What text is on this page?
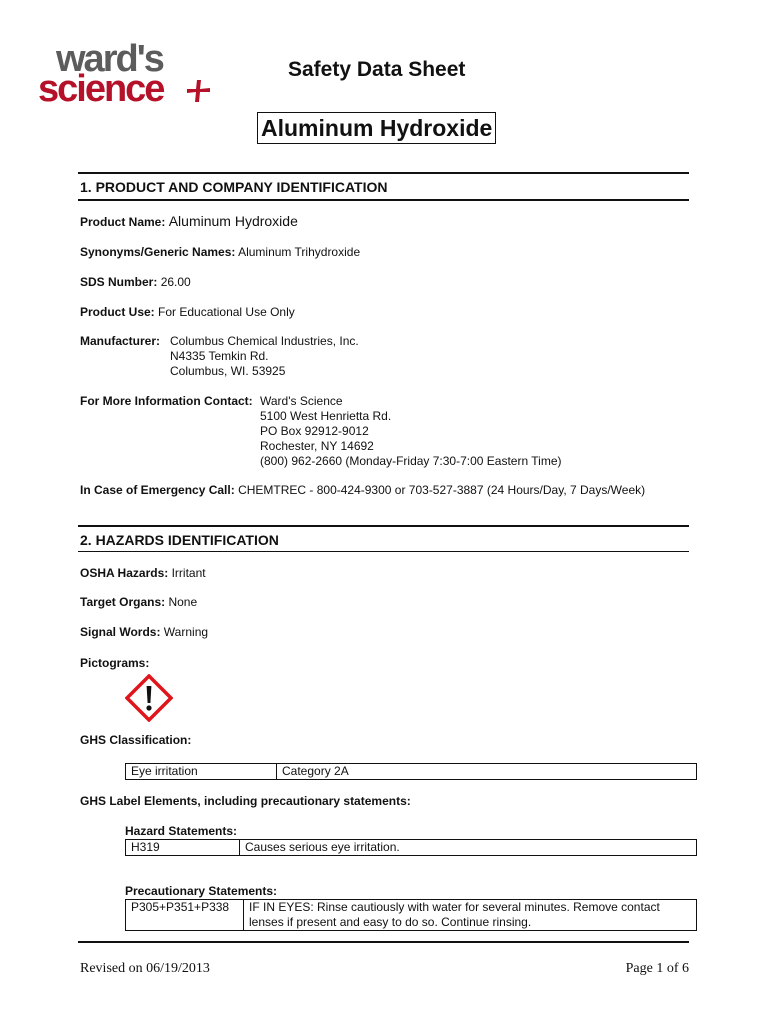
ward's
science	Safety Data Sheet
Aluminum Hydroxide
1. PRODUCT AND COMPANY IDENTIFICATION
Product Name: Aluminum Hydroxide
Synonyms/Generic Names: Aluminum Trihydroxide
SDS Number: 26.00
Product Use: For Educational Use Only
Manufacturer: Columbus Chemical Industries, Inc.
N4335 Temkin Rd.
Columbus, WI. 53925
For More Information Contact: Ward's Science
5100 West Henrietta Rd.
PO Box 92912-9012
Rochester, NY 14692
(800) 962-2660 (Monday-Friday 7:30-7:00 Eastern Time)
In Case of Emergency Call: CHEMTREC - 800-424-9300 or 703-527-3887 (24 Hours/Day, 7 Days/Week)
2. HAZARDS IDENTIFICATION
OSHA Hazards: Irritant
Target Organs: None
Signal Words: Warning
Pictograms:
GHS Classification:
Eye irritation	Category 2A
GHS Label Elements, including precautionary statements:
Hazard Statements:
H319	Causes serious eye irritation.
Precautionary Statements:
P305+P351+P338	IF IN EYES: Rinse cautiously with water for several minutes. Remove contact
lenses if present and easy to do so. Continue rinsing.
Revised on 06/19/2013	Page 1 of 6
